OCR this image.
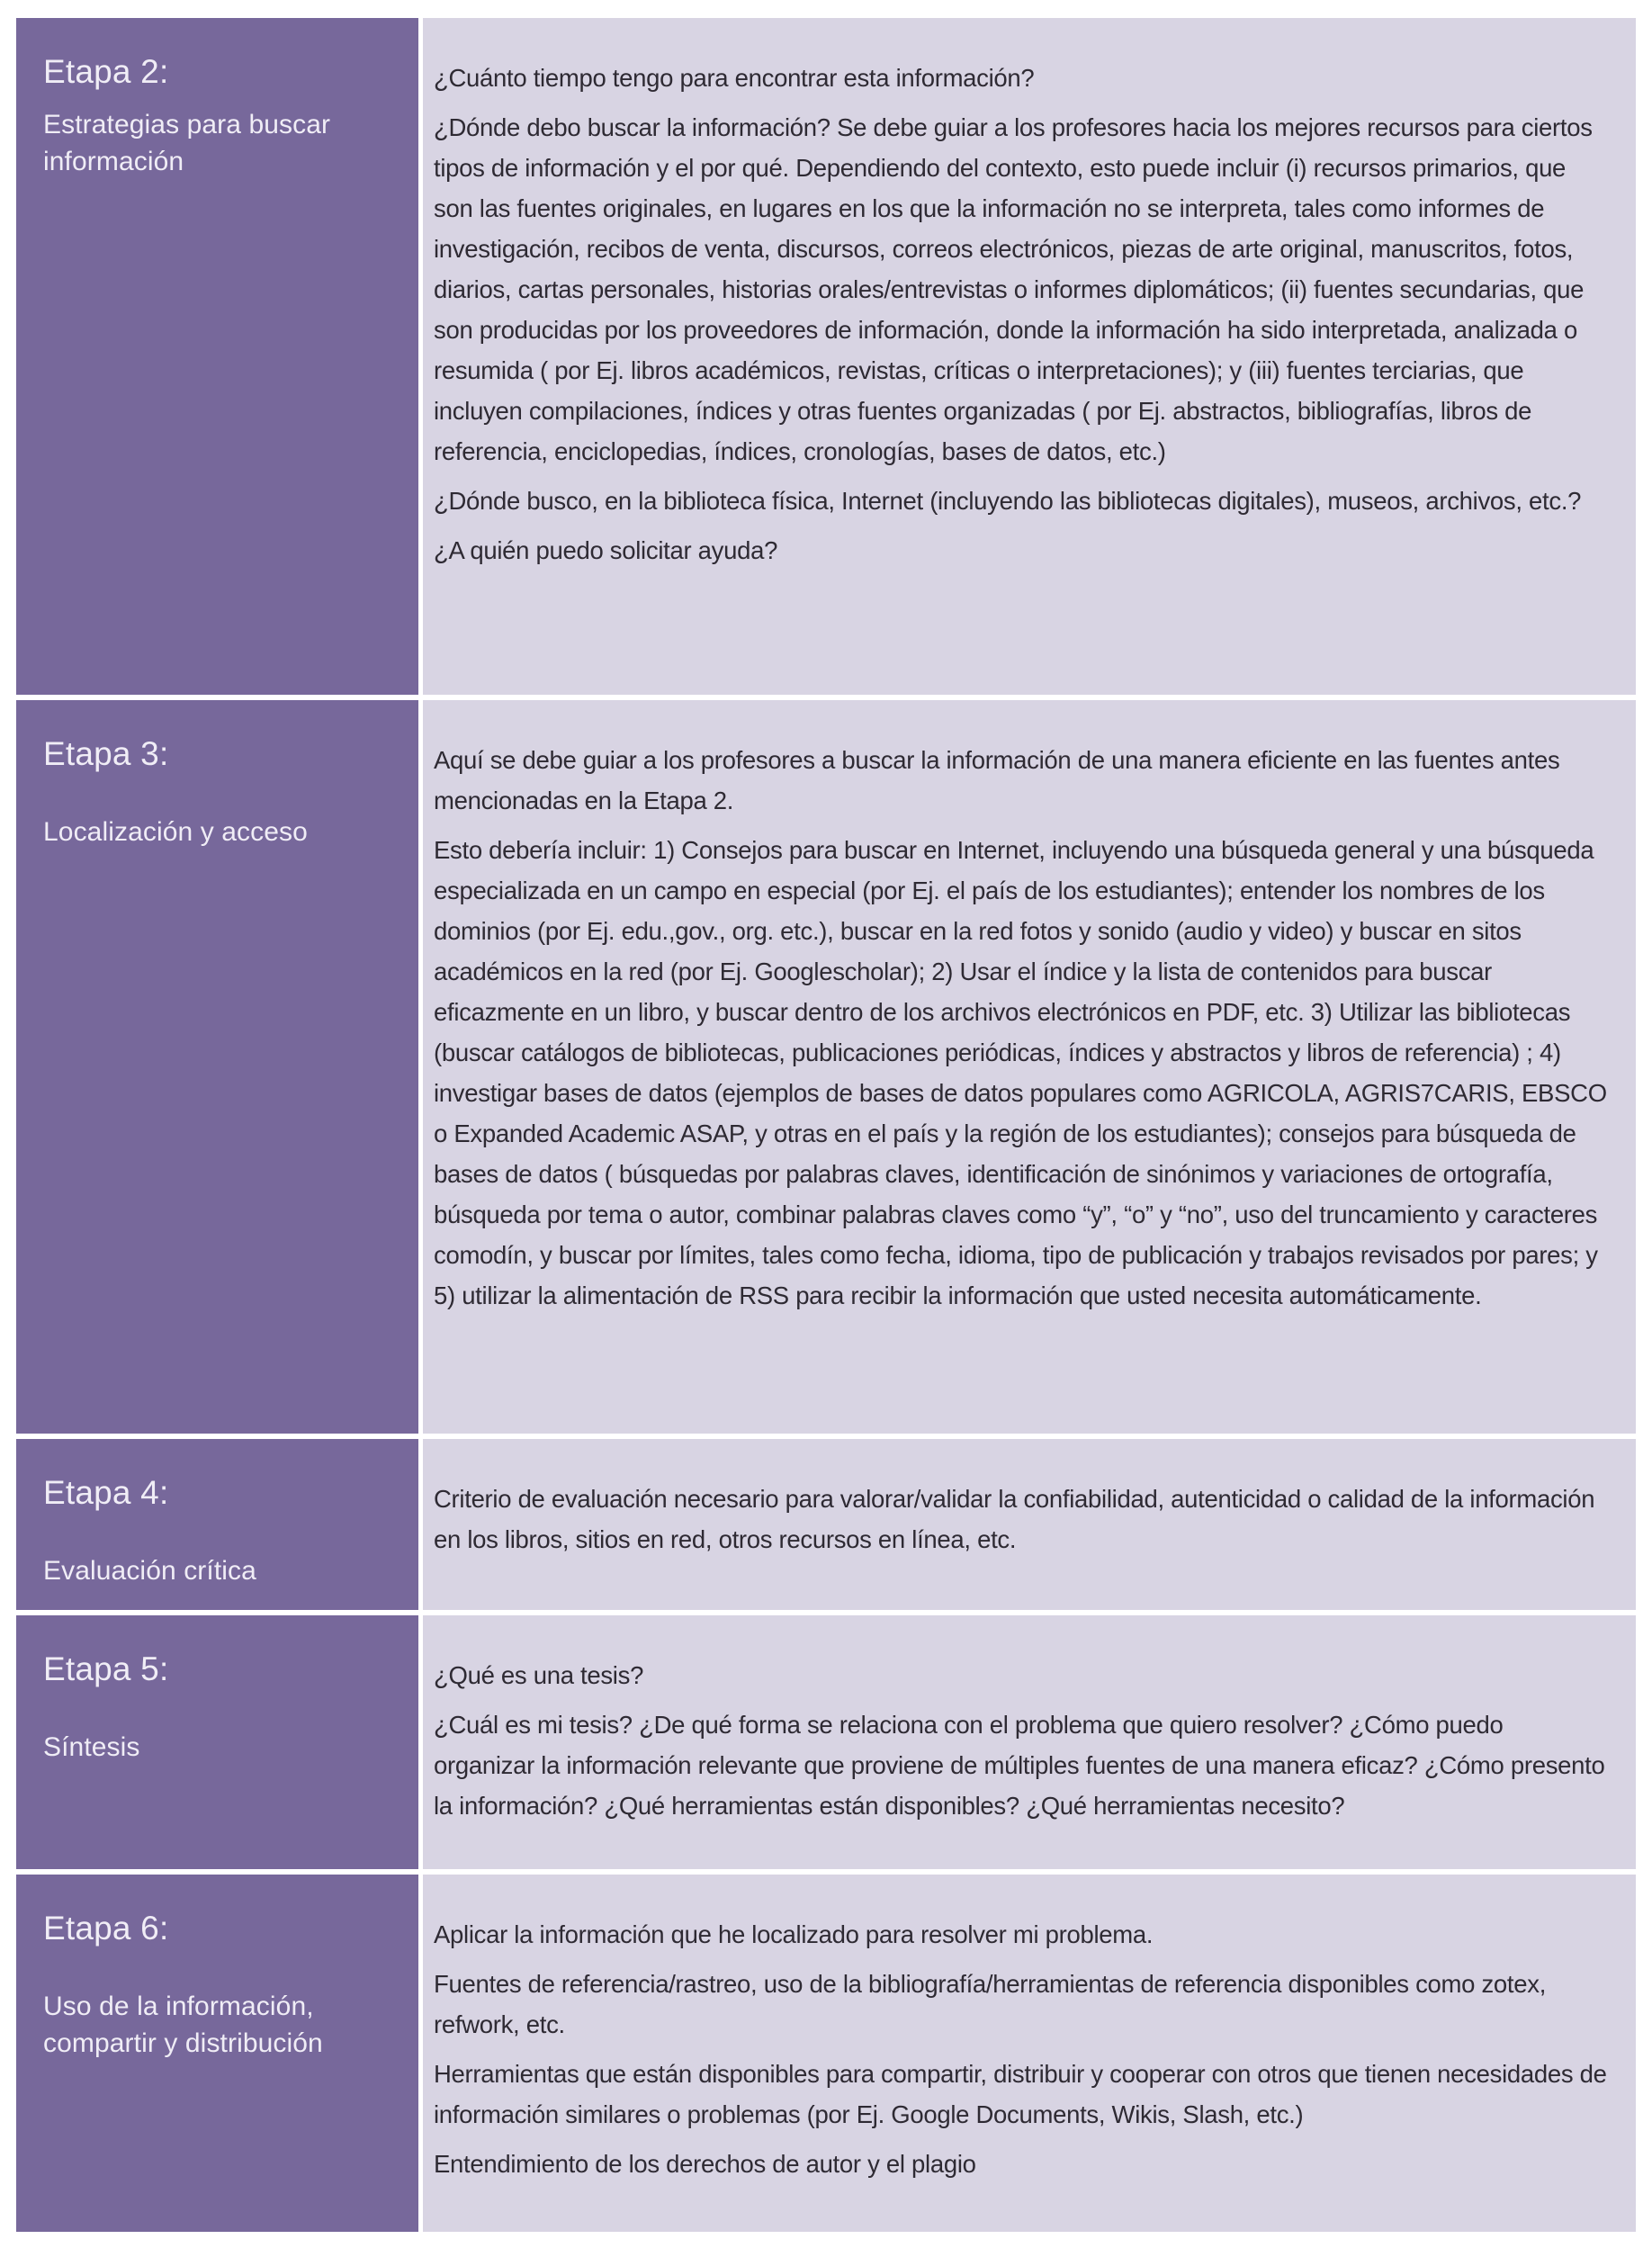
Etapa 2:
Estrategias para buscar información

¿Cuánto tiempo tengo para encontrar esta información?

¿Dónde debo buscar la información? Se debe guiar a los profesores hacia los mejores recursos para ciertos tipos de información y el por qué. Dependiendo del contexto, esto puede incluir (i) recursos primarios, que son las fuentes originales, en lugares en los que la información no se interpreta, tales como informes de investigación, recibos de venta, discursos, correos electrónicos, piezas de arte original, manuscritos, fotos, diarios, cartas personales, historias orales/entrevistas o informes diplomáticos; (ii) fuentes secundarias, que son producidas por los proveedores de información, donde la información ha sido interpretada, analizada o resumida ( por Ej. libros académicos, revistas, críticas o interpretaciones); y (iii) fuentes terciarias, que incluyen compilaciones, índices y otras fuentes organizadas ( por Ej. abstractos, bibliografías, libros de referencia, enciclopedias, índices, cronologías, bases de datos, etc.)

¿Dónde busco, en la biblioteca física, Internet (incluyendo las bibliotecas digitales), museos, archivos, etc.?

¿A quién puedo solicitar ayuda?

Etapa 3:
Localización y acceso

Aquí se debe guiar a los profesores a buscar la información de una manera eficiente en las fuentes antes mencionadas en la Etapa 2.

Esto debería incluir: 1) Consejos para buscar en Internet, incluyendo una búsqueda general y una búsqueda especializada en un campo en especial (por Ej. el país de los estudiantes); entender los nombres de los dominios (por Ej. edu.,gov., org. etc.), buscar en la red fotos y sonido (audio y video) y buscar en sitos académicos en la red (por Ej. Googlescholar); 2) Usar el índice y la lista de contenidos para buscar eficazmente en un libro, y buscar dentro de los archivos electrónicos en PDF, etc. 3) Utilizar las bibliotecas (buscar catálogos de bibliotecas, publicaciones periódicas, índices y abstractos y libros de referencia) ; 4) investigar bases de datos (ejemplos de bases de datos populares como AGRICOLA, AGRIS7CARIS, EBSCO o Expanded Academic ASAP, y otras en el país y la región de los estudiantes); consejos para búsqueda de bases de datos ( búsquedas por palabras claves, identificación de sinónimos y variaciones de ortografía, búsqueda por tema o autor, combinar palabras claves como “y”, “o” y “no”, uso del truncamiento y caracteres comodín, y buscar por límites, tales como fecha, idioma, tipo de publicación y trabajos revisados por pares; y 5) utilizar la alimentación de RSS para recibir la información que usted necesita automáticamente.

Etapa 4:
Evaluación crítica

Criterio de evaluación necesario para valorar/validar la confiabilidad, autenticidad o calidad de la información en los libros, sitios en red, otros recursos en línea, etc.

Etapa 5:
Síntesis

¿Qué es una tesis?

¿Cuál es mi tesis? ¿De qué forma se relaciona con el problema que quiero resolver? ¿Cómo puedo organizar la información relevante que proviene de múltiples fuentes de una manera eficaz? ¿Cómo presento la información? ¿Qué herramientas están disponibles? ¿Qué herramientas necesito?

Etapa 6:
Uso de la información, compartir y distribución

Aplicar la información que he localizado para resolver mi problema.

Fuentes de referencia/rastreo, uso de la bibliografía/herramientas de referencia disponibles como zotex, refwork, etc.

Herramientas que están disponibles para compartir, distribuir y cooperar con otros que tienen necesidades de información similares o problemas (por Ej. Google Documents, Wikis, Slash, etc.)

Entendimiento de los derechos de autor y el plagio
